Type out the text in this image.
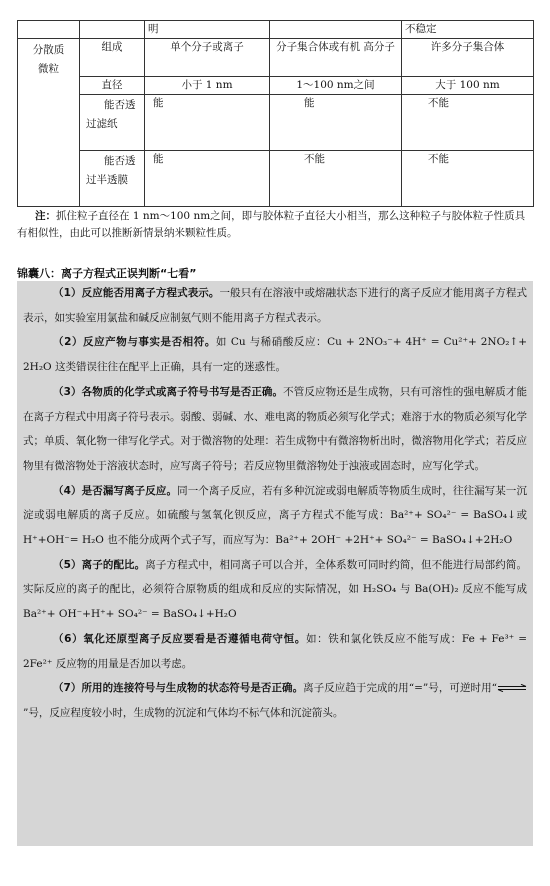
		明		不稳定
分散质微粒	组成	单个分子或离子	分子集合体或有机 高分子	许多分子集合体
	直径	小于 1 nm	1～100 nm之间	大于 100 nm

	能否透过滤纸	能	能	不能

	能否透过半透膜	能	不能	不能

注：抓住粒子直径在 1 nm～100 nm之间，即与胶体粒子直径大小相当，那么这种粒子与胶体粒子性质具有相似性，由此可以推断新情景纳米颗粒性质。

锦囊八：离子方程式正误判断“七看”

（1）反应能否用离子方程式表示。一般只有在溶液中或熔融状态下进行的离子反应才能用离子方程式表示，如实验室用氯盐和碱反应制氨气则不能用离子方程式表示。

（2）反应产物与事实是否相符。如 Cu 与稀硝酸反应：Cu + 2NO₃⁻+ 4H⁺ = Cu²⁺+ 2NO₂↑+ 2H₂O 这类错误往往在配平上正确，具有一定的迷惑性。

（3）各物质的化学式或离子符号书写是否正确。不管反应物还是生成物，只有可溶性的强电解质才能在离子方程式中用离子符号表示。弱酸、弱碱、水、难电离的物质必须写化学式；难溶于水的物质必须写化学式；单质、氧化物一律写化学式。对于微溶物的处理：若生成物中有微溶物析出时，微溶物用化学式；若反应物里有微溶物处于溶液状态时，应写离子符号；若反应物里微溶物处于浊液或固态时，应写化学式。

（4）是否漏写离子反应。同一个离子反应，若有多种沉淀或弱电解质等物质生成时，往往漏写某一沉淀或弱电解质的离子反应。如硫酸与氢氧化钡反应，离子方程式不能写成：Ba²⁺+ SO₄²⁻ = BaSO₄↓或 H⁺+OH⁻= H₂O 也不能分成两个式子写，而应写为：Ba²⁺+ 2OH⁻ +2H⁺+ SO₄²⁻ = BaSO₄↓+2H₂O

（5）离子的配比。离子方程式中，相同离子可以合并，全体系数可同时约简，但不能进行局部约简。实际反应的离子的配比，必须符合原物质的组成和反应的实际情况，如 H₂SO₄ 与 Ba(OH)₂ 反应不能写成 Ba²⁺+ OH⁻+H⁺+ SO₄²⁻ = BaSO₄↓+H₂O

（6）氧化还原型离子反应要看是否遵循电荷守恒。如：铁和氯化铁反应不能写成：Fe + Fe³⁺ = 2Fe²⁺ 反应物的用量是否加以考虑。

（7）所用的连接符号与生成物的状态符号是否正确。离子反应趋于完成的用“=”号，可逆时用“⇌”号，反应程度较小时，生成物的沉淀和气体均不标气体和沉淀箭头。
